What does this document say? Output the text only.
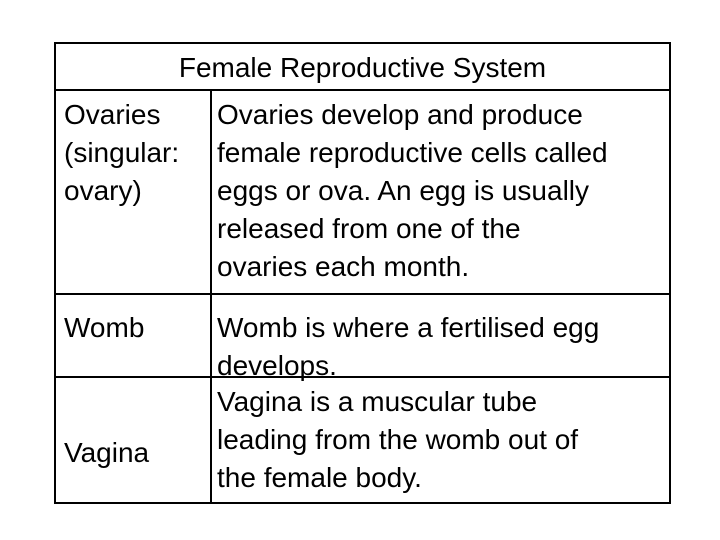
Female Reproductive System
Ovaries
(singular:
ovary)
Ovaries develop and produce
female reproductive cells called
eggs or ova. An egg is usually
released from one of the
ovaries each month.
Womb	Womb is where a fertilised egg
develops.
Vagina
Vagina is a muscular tube
leading from the womb out of
the female body.
